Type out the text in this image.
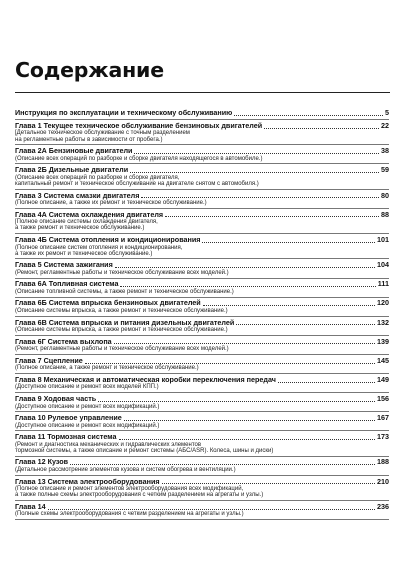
Содержание
Инструкция по эксплуатации и техническому обслуживанию	5
Глава 1 Текущее техническое обслуживание бензиновых двигателей	22
[Детальное техническое обслуживание с точным разделением
на регламентные работы в зависимости от пробега.)
Глава 2А Бензиновые двигатели	38
(Описание всех операций по разборке и сборке двигателя находящегося в автомобиле.)
Глава 2Б Дизельные двигатели	59
(Описание всех операций по разборке и сборке двигателя,
капитальный ремонт и техническое обслуживание на двигателе снятом с автомобиля.)
Глава 3 Система смазки двигателя	80
(Полное описание, а также их ремонт и техническое обслуживание.)
Глава 4А Система охлаждения двигателя	88
[Полное описание системы охлаждения двигателя,
а также ремонт и техническое обслуживание.)
Глава 4Б Система отопления и кондиционирования	101
(Полное описание систем отопления и кондиционирования,
а также их ремонт и техническое обслуживание.)
Глава 5 Система зажигания	104
(Ремонт, регламентные работы и техническое обслуживание всех моделей.)
Глава 6А Топливная система	111
(Описание топливной системы, а также ремонт и техническое обслуживание.)
Глава 6Б Система впрыска бензиновых двигателей	120
(Описание системы впрыска, а также ремонт и техническое обслуживание.)
Глава 6В Система впрыска и питания дизельных двигателей	132
(Описание системы впрыска, а также ремонт и техническое обслуживание.)
Глава 6Г Система выхлопа	139
(Ремонт, регламентные работы и техническое обслуживание всех моделей.)
Глава 7 Сцепление	145
(Полное описание, а также ремонт и техническое обслуживание.)
Глава 8 Механическая и автоматическая коробки переключения передач	149
(Доступное описание и ремонт всех моделей КПП.)
Глава 9 Ходовая часть	156
(Доступное описание и ремонт всех модификаций.)
Глава 10 Рулевое управление	167
(Доступное описание и ремонт всех модификаций.)
Глава 11 Тормозная система	173
(Ремонт и диагностика механических и гидравлических элементов
тормозной системы, а также описание и ремонт системы (АБС/ASR). Колеса, шины и диски)
Глава 12 Кузов	188
(Детальное рассмотрение элементов кузова и систем обогрева и вентиляции.)
Глава 13 Система электрооборудования	210
(Полное описание и ремонт элементов электрооборудования всех модификаций,
а также полные схемы электрооборудования с четким разделением на агрегаты и узлы.)
Глава 14	236
(Полные схемы электрооборудования с четким разделением на агрегаты и узлы.)
